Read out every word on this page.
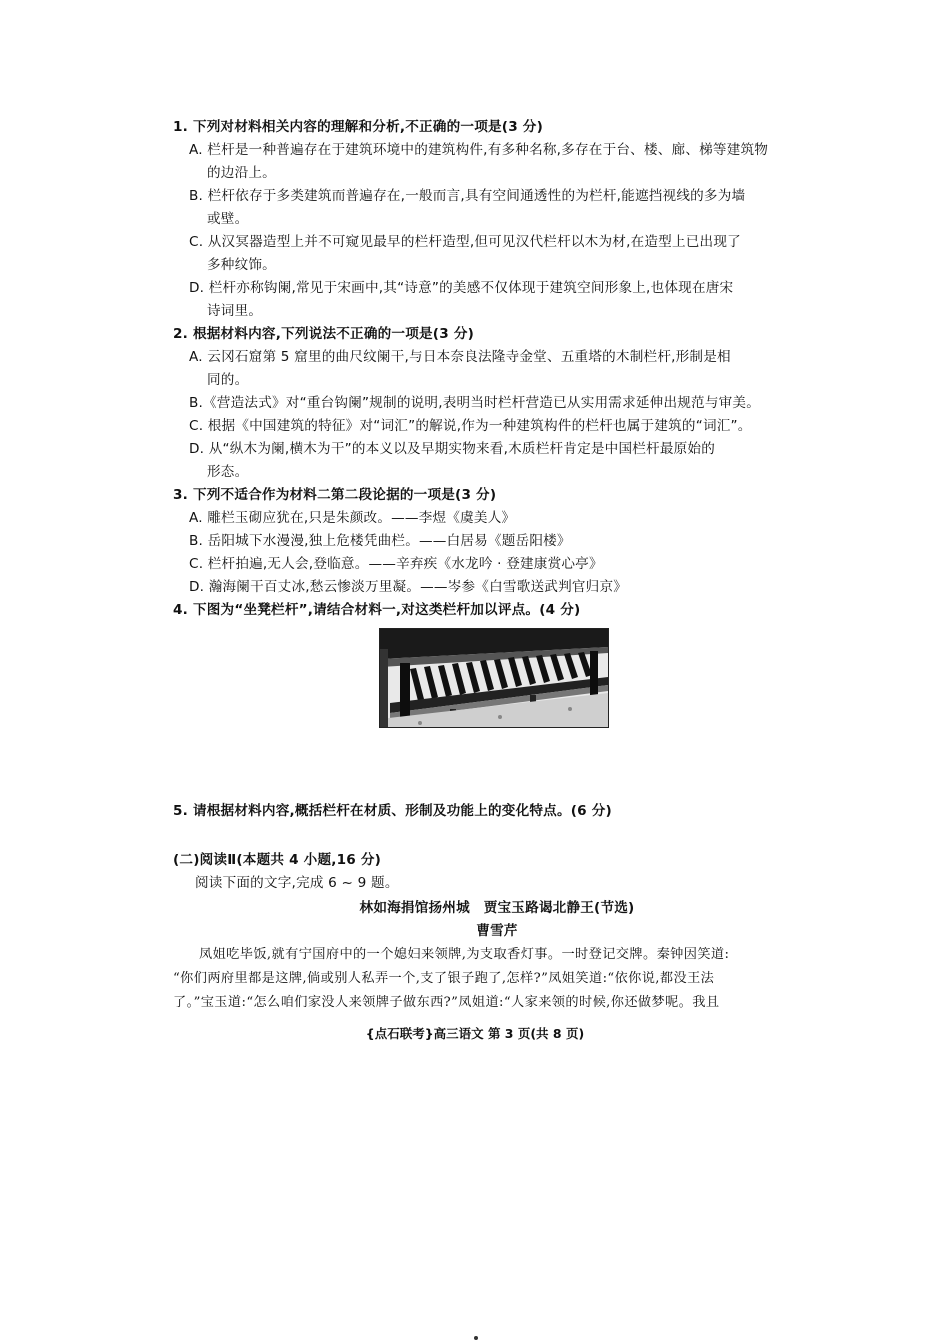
1. 下列对材料相关内容的理解和分析,不正确的一项是(3 分)
A. 栏杆是一种普遍存在于建筑环境中的建筑构件,有多种名称,多存在于台、楼、廊、梯等建筑物
的边沿上。
B. 栏杆依存于多类建筑而普遍存在,一般而言,具有空间通透性的为栏杆,能遮挡视线的多为墙
或壁。
C. 从汉冥器造型上并不可窥见最早的栏杆造型,但可见汉代栏杆以木为材,在造型上已出现了
多种纹饰。
D. 栏杆亦称钩阑,常见于宋画中,其“诗意”的美感不仅体现于建筑空间形象上,也体现在唐宋
诗词里。
2. 根据材料内容,下列说法不正确的一项是(3 分)
A. 云冈石窟第 5 窟里的曲尺纹阑干,与日本奈良法隆寺金堂、五重塔的木制栏杆,形制是相
同的。
B.《营造法式》对“重台钩阑”规制的说明,表明当时栏杆营造已从实用需求延伸出规范与审美。
C. 根据《中国建筑的特征》对“词汇”的解说,作为一种建筑构件的栏杆也属于建筑的“词汇”。
D. 从“纵木为阑,横木为干”的本义以及早期实物来看,木质栏杆肯定是中国栏杆最原始的
形态。
3. 下列不适合作为材料二第二段论据的一项是(3 分)
A. 雕栏玉砌应犹在,只是朱颜改。——李煜《虞美人》
B. 岳阳城下水漫漫,独上危楼凭曲栏。——白居易《题岳阳楼》
C. 栏杆拍遍,无人会,登临意。——辛弃疾《水龙吟 · 登建康赏心亭》
D. 瀚海阑干百丈冰,愁云惨淡万里凝。——岑参《白雪歌送武判官归京》
4. 下图为“坐凳栏杆”,请结合材料一,对这类栏杆加以评点。(4 分)
5. 请根据材料内容,概括栏杆在材质、形制及功能上的变化特点。(6 分)
(二)阅读Ⅱ(本题共 4 小题,16 分)
阅读下面的文字,完成 6 ~ 9 题。
林如海捐馆扬州城　贾宝玉路谒北静王(节选)
曹雪芹
凤姐吃毕饭,就有宁国府中的一个媳妇来领牌,为支取香灯事。一时登记交牌。秦钟因笑道:
“你们两府里都是这牌,倘或别人私弄一个,支了银子跑了,怎样?”凤姐笑道:“依你说,都没王法
了。”宝玉道:“怎么咱们家没人来领牌子做东西?”凤姐道:“人家来领的时候,你还做梦呢。我且
{点石联考}高三语文 第 3 页(共 8 页)
